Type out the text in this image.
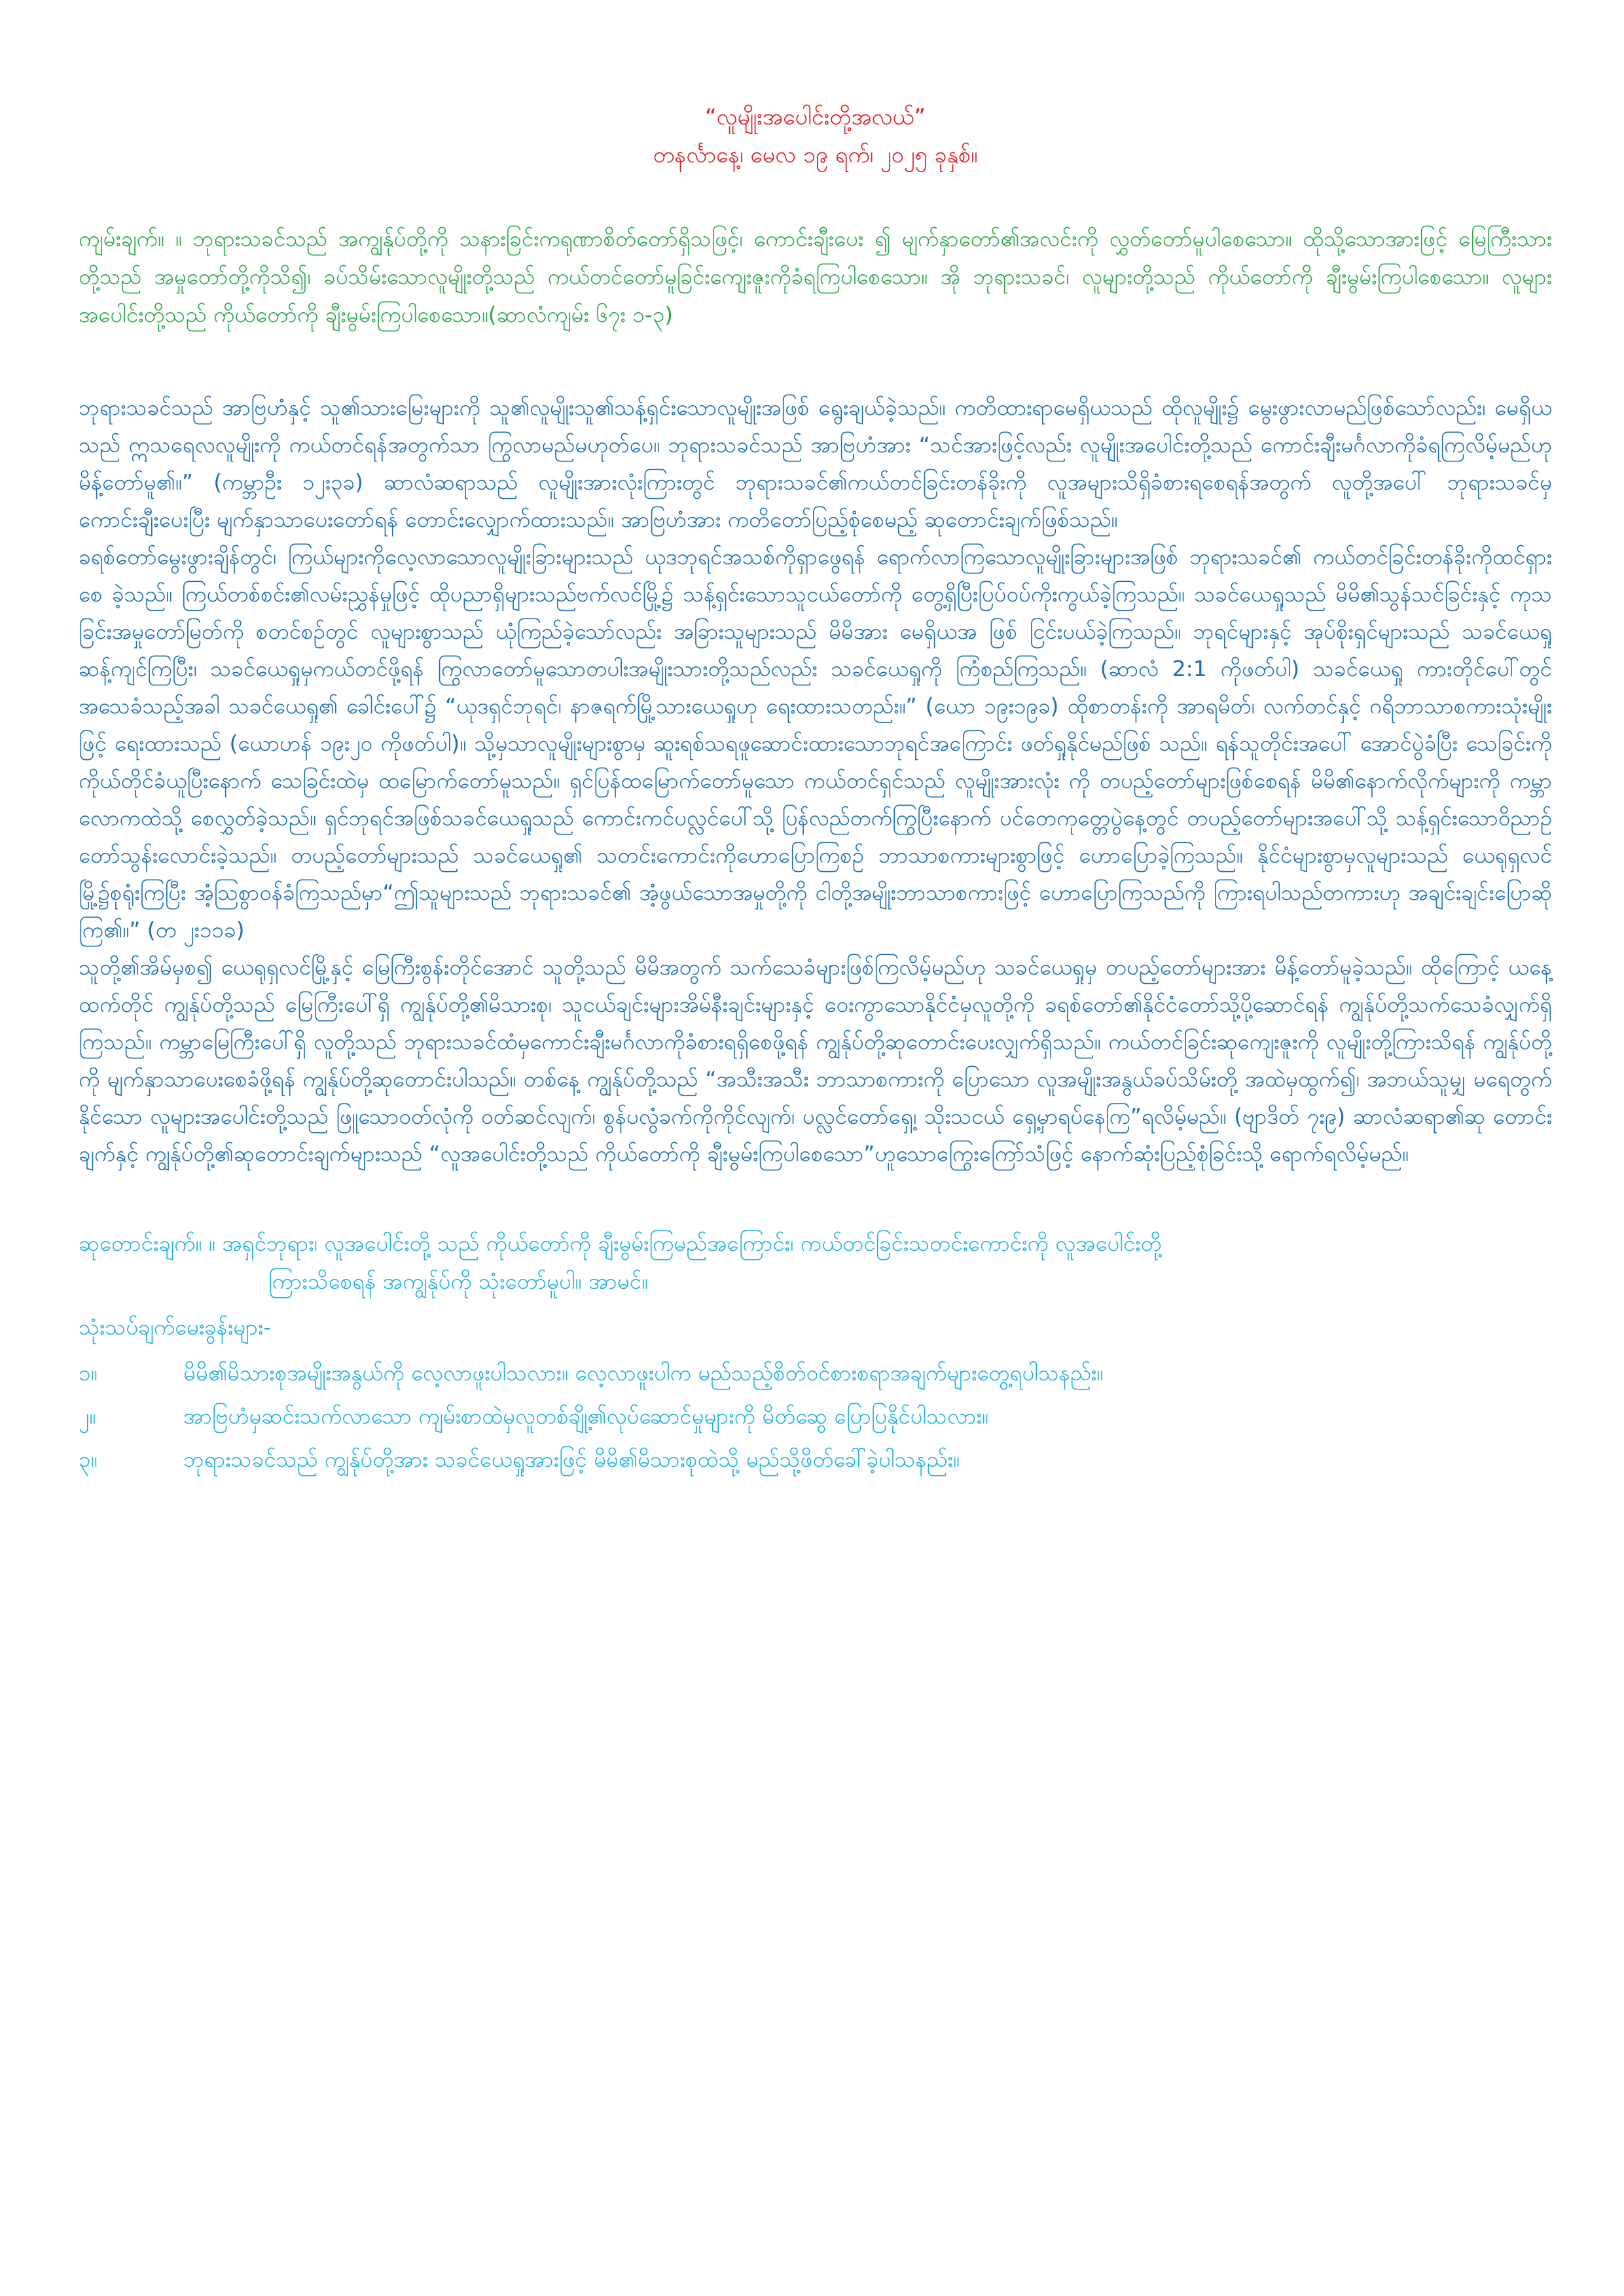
“လူမျိုးအပေါင်းတို့အလယ်”
တနင်္လာနေ့၊ မေလ ၁၉ ရက်၊ ၂၀၂၅ ခုနှစ်။

ကျမ်းချက်။ ။ ဘုရားသခင်သည် အကျွန်ုပ်တို့ကို သနားခြင်းကရုဏာစိတ်တော်ရှိသဖြင့်၊ ကောင်းချီးပေး ၍ မျက်နှာတော်၏အလင်းကို လွှတ်တော်မူပါစေသော။ ထိုသို့သောအားဖြင့် မြေကြီးသားတို့သည် အမှုတော်တို့ကိုသိ၍၊ ခပ်သိမ်းသောလူမျိုးတို့သည် ကယ်တင်တော်မူခြင်းကျေးဇူးကိုခံရကြပါစေသော။ အို ဘုရားသခင်၊ လူများတို့သည် ကိုယ်တော်ကို ချီးမွမ်းကြပါစေသော။ လူများအပေါင်းတို့သည် ကိုယ်တော်ကို ချီးမွမ်းကြပါစေသော။(ဆာလံကျမ်း ၆၇း ၁-၃)

ဘုရားသခင်သည် အာဗြဟံနှင့် သူ၏သားမြေးများကို သူ၏လူမျိုးသူ၏သန့်ရှင်းသောလူမျိုးအဖြစ် ရွေးချယ်ခဲ့သည်။ ကတိထားရာမေရှိယသည် ထိုလူမျိုး၌ မွေးဖွားလာမည်ဖြစ်သော်လည်း၊ မေရှိယသည် ဣသရေလလူမျိုးကို ကယ်တင်ရန်အတွက်သာ ကြွလာမည်မဟုတ်ပေ။ ဘုရားသခင်သည် အာဗြဟံအား “သင်အားဖြင့်လည်း လူမျိုးအပေါင်းတို့သည် ကောင်းချီးမင်္ဂလာကိုခံရကြလိမ့်မည်ဟု မိန့်တော်မူ၏။” (ကမ္ဘာဦး ၁၂း၃ခ) ဆာလံဆရာသည် လူမျိုးအားလုံးကြားတွင် ဘုရားသခင်၏ကယ်တင်ခြင်းတန်ခိုးကို လူအများသိရှိခံစားရစေရန်အတွက် လူတို့အပေါ် ဘုရားသခင်မှ ကောင်းချီးပေးပြီး မျက်နှာသာပေးတော်ရန် တောင်းလျှောက်ထားသည်။ အာဗြဟံအား ကတိတော်ပြည့်စုံစေမည့် ဆုတောင်းချက်ဖြစ်သည်။

ခရစ်တော်မွေးဖွားချိန်တွင်၊ ကြယ်များကိုလေ့လာသောလူမျိုးခြားများသည် ယုဒဘုရင်အသစ်ကိုရှာဖွေရန် ရောက်လာကြသောလူမျိုးခြားများအဖြစ် ဘုရားသခင်၏ ကယ်တင်ခြင်းတန်ခိုးကိုထင်ရှားစေ ခဲ့သည်။ ကြယ်တစ်စင်း၏လမ်းညွှန်မှုဖြင့် ထိုပညာရှိများသည်ဗက်လင်မြို့၌ သန့်ရှင်းသောသူငယ်တော်ကို တွေ့ရှိပြီးပြပ်ဝပ်ကိုးကွယ်ခဲ့ကြသည်။ သခင်ယေရှုသည် မိမိ၏သွန်သင်ခြင်းနှင့် ကုသခြင်းအမှုတော်မြတ်ကို စတင်စဉ်တွင် လူများစွာသည် ယုံကြည်ခဲ့သော်လည်း အခြားသူများသည် မိမိအား မေရှိယအ ဖြစ် ငြင်းပယ်ခဲ့ကြသည်။ ဘုရင်များနှင့် အုပ်စိုးရှင်များသည် သခင်ယေရှုဆန့်ကျင်ကြပြီး၊ သခင်ယေရှုမှကယ်တင်ဖို့ရန် ကြွလာတော်မူသောတပါးအမျိုးသားတို့သည်လည်း သခင်ယေရှုကို ကြံစည်ကြသည်။ (ဆာလံ 2:1 ကိုဖတ်ပါ) သခင်ယေရှု ကားတိုင်ပေါ်တွင် အသေခံသည့်အခါ သခင်ယေရှု၏ ခေါင်းပေါ်၌ “ယုဒရှင်ဘုရင်၊ နာဇရက်မြို့သားယေရှုဟု ရေးထားသတည်း။” (ယော ၁၉း၁၉ခ) ထိုစာတန်းကို အာရမိတ်၊ လက်တင်နှင့် ဂရိဘာသာစကားသုံးမျိုးဖြင့် ရေးထားသည် (ယောဟန် ၁၉း၂၀ ကိုဖတ်ပါ)။ သို့မှသာလူမျိုးများစွာမှ ဆူးရစ်သရဖူဆောင်းထားသောဘုရင်အကြောင်း ဖတ်ရှုနိုင်မည်ဖြစ် သည်။ ရန်သူတိုင်းအပေါ် အောင်ပွဲခံပြီး သေခြင်းကို ကိုယ်တိုင်ခံယူပြီးနောက် သေခြင်းထဲမှ ထမြောက်တော်မူသည်။ ရှင်ပြန်ထမြောက်တော်မူသော ကယ်တင်ရှင်သည် လူမျိုးအားလုံး ကို တပည့်တော်များဖြစ်စေရန် မိမိ၏နောက်လိုက်များကို ကမ္ဘာလောကထဲသို့ စေလွှတ်ခဲ့သည်။ ရှင်ဘုရင်အဖြစ်သခင်ယေရှုသည် ကောင်းကင်ပလ္လင်ပေါ်သို့ ပြန်လည်တက်ကြွပြီးနောက် ပင်တေကုတ္တေပွဲနေ့တွင် တပည့်တော်များအပေါ်သို့ သန့်ရှင်းသောဝိညာဉ်တော်သွန်းလောင်းခဲ့သည်။ တပည့်တော်များသည် သခင်ယေရှု၏ သတင်းကောင်းကိုဟောပြောကြစဉ် ဘာသာစကားများစွာဖြင့် ဟောပြောခဲ့ကြသည်။ နိုင်ငံများစွာမှလူများသည် ယေရုရှလင်မြို့၌စုရုံးကြပြီး အံ့သြစွာဝန်ခံကြသည်မှာ“ဤသူများသည် ဘုရားသခင်၏ အံ့ဖွယ်သောအမှုတို့ကို ငါတို့အမျိုးဘာသာစကားဖြင့် ဟောပြောကြသည်ကို ကြားရပါသည်တကားဟု အချင်းချင်းပြောဆိုကြ၏။” (တ ၂း၁၁ခ)

သူတို့၏အိမ်မှစ၍ ယေရုရှလင်မြို့နှင့် မြေကြီးစွန်းတိုင်အောင် သူတို့သည် မိမိအတွက် သက်သေခံများဖြစ်ကြလိမ့်မည်ဟု သခင်ယေရှုမှ တပည့်တော်များအား မိန့်တော်မူခဲ့သည်။ ထိုကြောင့် ယနေ့ထက်တိုင် ကျွန်ုပ်တို့သည် မြေကြီးပေါ်ရှိ ကျွန်ုပ်တို့၏မိသားစု၊ သူငယ်ချင်းများအိမ်နီးချင်းများနှင့် ဝေးကွာသောနိုင်ငံမှလူတို့ကို ခရစ်တော်၏နိုင်ငံတော်သို့ပို့ဆောင်ရန် ကျွန်ုပ်တို့သက်သေခံလျှက်ရှိကြသည်။ ကမ္ဘာမြေကြီးပေါ်ရှိ လူတို့သည် ဘုရားသခင်ထံမှကောင်းချီးမင်္ဂလာကိုခံစားရရှိစေဖို့ရန် ကျွန်ုပ်တို့ဆုတောင်းပေးလျှက်ရှိသည်။ ကယ်တင်ခြင်းဆုကျေးဇူးကို လူမျိုးတို့ကြားသိရန် ကျွန်ုပ်တို့ကို မျက်နှာသာပေးစေခံဖို့ရန် ကျွန်ုပ်တို့ဆုတောင်းပါသည်။ တစ်နေ့ ကျွန်ုပ်တို့သည် “အသီးအသီး ဘာသာစကားကို ပြောသော လူအမျိုးအနွယ်ခပ်သိမ်းတို့ အထဲမှထွက်၍၊ အဘယ်သူမျှ မရေတွက်နိုင်သော လူများအပေါင်းတို့သည် ဖြူသောဝတ်လုံကို ဝတ်ဆင်လျက်၊ စွန်ပလွံခက်ကိုကိုင်လျက်၊ ပလ္လင်တော်ရှေ့၊ သိုးသငယ် ရှေ့မှာရပ်နေကြ”ရလိမ့်မည်။ (ဗျာဒိတ် ၇း၉) ဆာလံဆရာ၏ဆု တောင်းချက်နှင့် ကျွန်ုပ်တို့၏ဆုတောင်းချက်များသည် “လူအပေါင်းတို့သည် ကိုယ်တော်ကို ချီးမွမ်းကြပါစေသော”ဟူသောကြွေးကြော်သံဖြင့် နောက်ဆုံးပြည့်စုံခြင်းသို့ ရောက်ရလိမ့်မည်။

ဆုတောင်းချက်။ ။ အရှင်ဘုရား၊ လူအပေါင်းတို့ သည် ကိုယ်တော်ကို ချီးမွမ်းကြမည်အကြောင်း၊ ကယ်တင်ခြင်းသတင်းကောင်းကို လူအပေါင်းတို့
ကြားသိစေရန် အကျွန်ုပ်ကို သုံးတော်မူပါ။ အာမင်။
သုံးသပ်ချက်မေးခွန်းများ-
၁။	မိမိ၏မိသားစုအမျိုးအနွယ်ကို လေ့လာဖူးပါသလား။ လေ့လာဖူးပါက မည်သည့်စိတ်ဝင်စားစရာအချက်များတွေ့ရပါသနည်း။
၂။	အာဗြဟံမှဆင်းသက်လာသော ကျမ်းစာထဲမှလူတစ်ချို့၏လုပ်ဆောင်မှုများကို မိတ်ဆွေ ပြောပြနိုင်ပါသလား။
၃။	ဘုရားသခင်သည် ကျွန်ုပ်တို့အား သခင်ယေရှုအားဖြင့် မိမိ၏မိသားစုထဲသို့ မည်သို့ဖိတ်ခေါ်ခဲ့ပါသနည်း။
